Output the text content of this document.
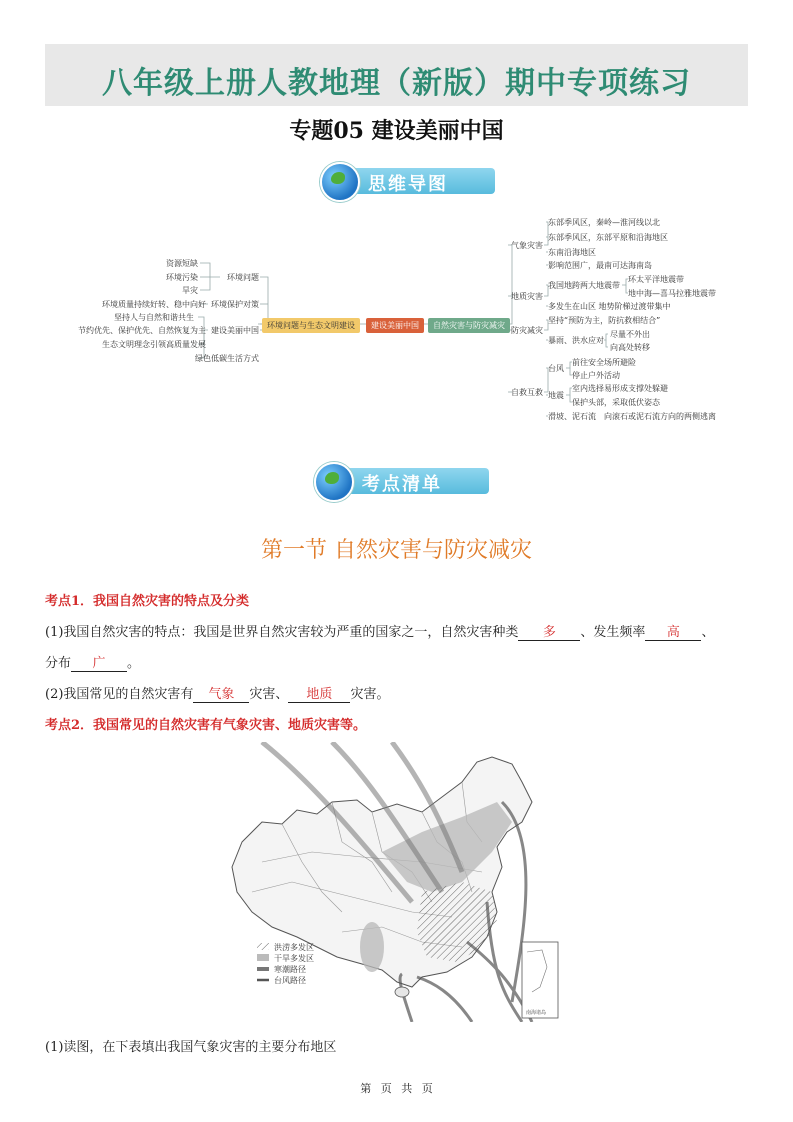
八年级上册人教地理（新版）期中专项练习
专题05 建设美丽中国
思维导图
环境问题与生态文明建设	建设美丽中国	自然灾害与防灾减灾
环境问题
环境保护对策
建设美丽中国
资源短缺
环境污染
旱灾
环境质量持续好转、稳中向好
坚持人与自然和谐共生
节约优先、保护优先、自然恢复为主
生态文明理念引领高质量发展
绿色低碳生活方式
气象灾害
地质灾害
防灾减灾
自救互救
东部季风区，秦岭—淮河线以北
东部季风区，东部平原和沿海地区
东南沿海地区
影响范围广，最南可达海南岛
我国地跨两大地震带
环太平洋地震带
地中海—喜马拉雅地震带
多发生在山区 地势阶梯过渡带集中
坚持“预防为主，防抗救相结合”
暴雨、洪水应对
尽量不外出
向高处转移
台风
前往安全场所避险
停止户外活动
地震
室内选择易形成支撑处躲避
保护头部，采取低伏姿态
滑坡、泥石流 向滚石或泥石流方向的两侧逃离
考点清单
第一节 自然灾害与防灾减灾
考点1．我国自然灾害的特点及分类
(1)我国自然灾害的特点：我国是世界自然灾害较为严重的国家之一，自然灾害种类 多 、发生频率 高 、
分布 广 。
(2)我国常见的自然灾害有 气象 灾害、 地质 灾害。
考点2．我国常见的自然灾害有气象灾害、地质灾害等。
南海诸岛
洪涝多发区
干旱多发区
寒潮路径
台风路径
(1)读图，在下表填出我国气象灾害的主要分布地区
第 页 共 页
